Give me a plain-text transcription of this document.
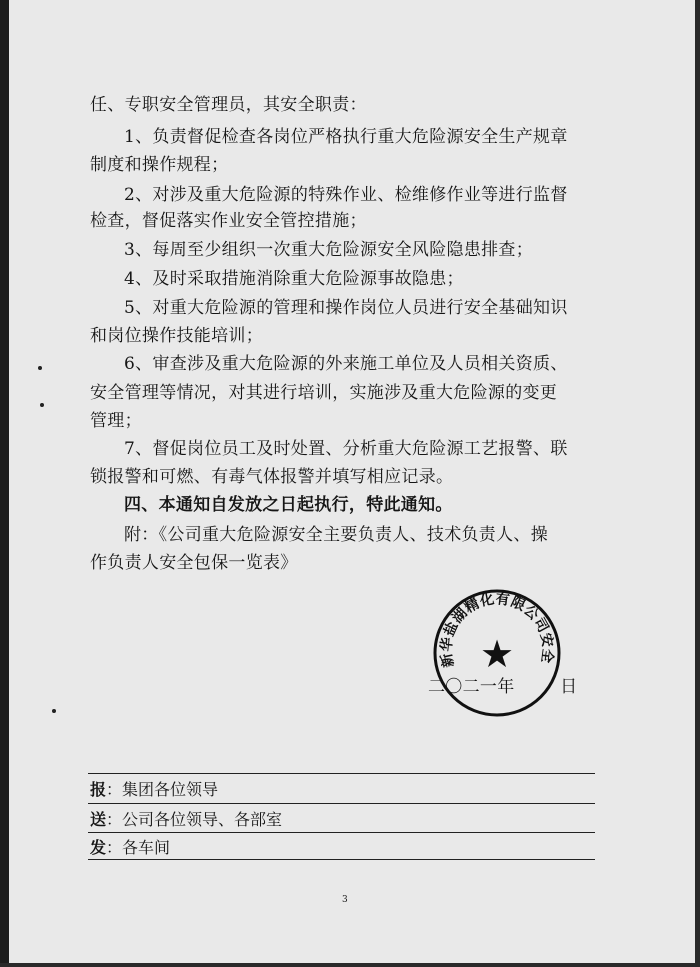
任、专职安全管理员，其安全职责：
1、负责督促检查各岗位严格执行重大危险源安全生产规章
制度和操作规程；
2、对涉及重大危险源的特殊作业、检维修作业等进行监督
检查，督促落实作业安全管控措施；
3、每周至少组织一次重大危险源安全风险隐患排查；
4、及时采取措施消除重大危险源事故隐患；
5、对重大危险源的管理和操作岗位人员进行安全基础知识
和岗位操作技能培训；
6、审查涉及重大危险源的外来施工单位及人员相关资质、
安全管理等情况，对其进行培训，实施涉及重大危险源的变更
管理；
7、督促岗位员工及时处置、分析重大危险源工艺报警、联
锁报警和可燃、有毒气体报警并填写相应记录。
四、本通知自发放之日起执行，特此通知。
附：《公司重大危险源安全主要负责人、技术负责人、操
作负责人安全包保一览表》
二〇二一年        日
新华盐湖精化有限公司安全
★
报：集团各位领导
送：公司各位领导、各部室
发：各车间
3
